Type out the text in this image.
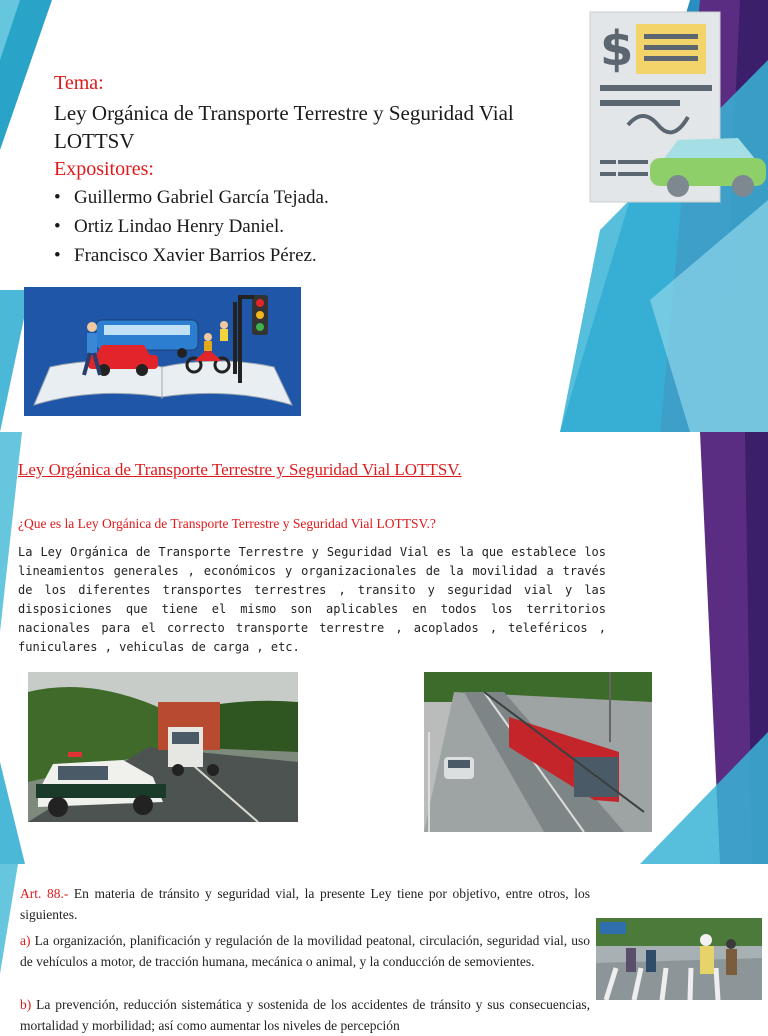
$
Tema:
Ley Orgánica de Transporte Terrestre y Seguridad Vial
LOTTSV
Expositores:
• Guillermo Gabriel García Tejada.
• Ortiz Lindao Henry Daniel.
• Francisco Xavier Barrios Pérez.
Ley Orgánica de Transporte Terrestre y Seguridad Vial LOTTSV.
¿Que es la Ley Orgánica de Transporte Terrestre y Seguridad Vial LOTTSV.?
La Ley Orgánica de Transporte Terrestre y Seguridad Vial es la que establece los lineamientos generales , económicos y organizacionales de la movilidad a través de los diferentes transportes terrestres , transito y seguridad vial y las disposiciones que tiene el mismo son aplicables en todos los territorios nacionales para el correcto transporte terrestre , acoplados , teleféricos , funiculares , vehiculas de carga , etc.
Art. 88.- En materia de tránsito y seguridad vial, la presente Ley tiene por objetivo, entre otros, los siguientes.
a) La organización, planificación y regulación de la movilidad peatonal, circulación, seguridad vial, uso de vehículos a motor, de tracción humana, mecánica o animal, y la conducción de semovientes.
b) La prevención, reducción sistemática y sostenida de los accidentes de tránsito y sus consecuencias, mortalidad y morbilidad; así como aumentar los niveles de percepción
